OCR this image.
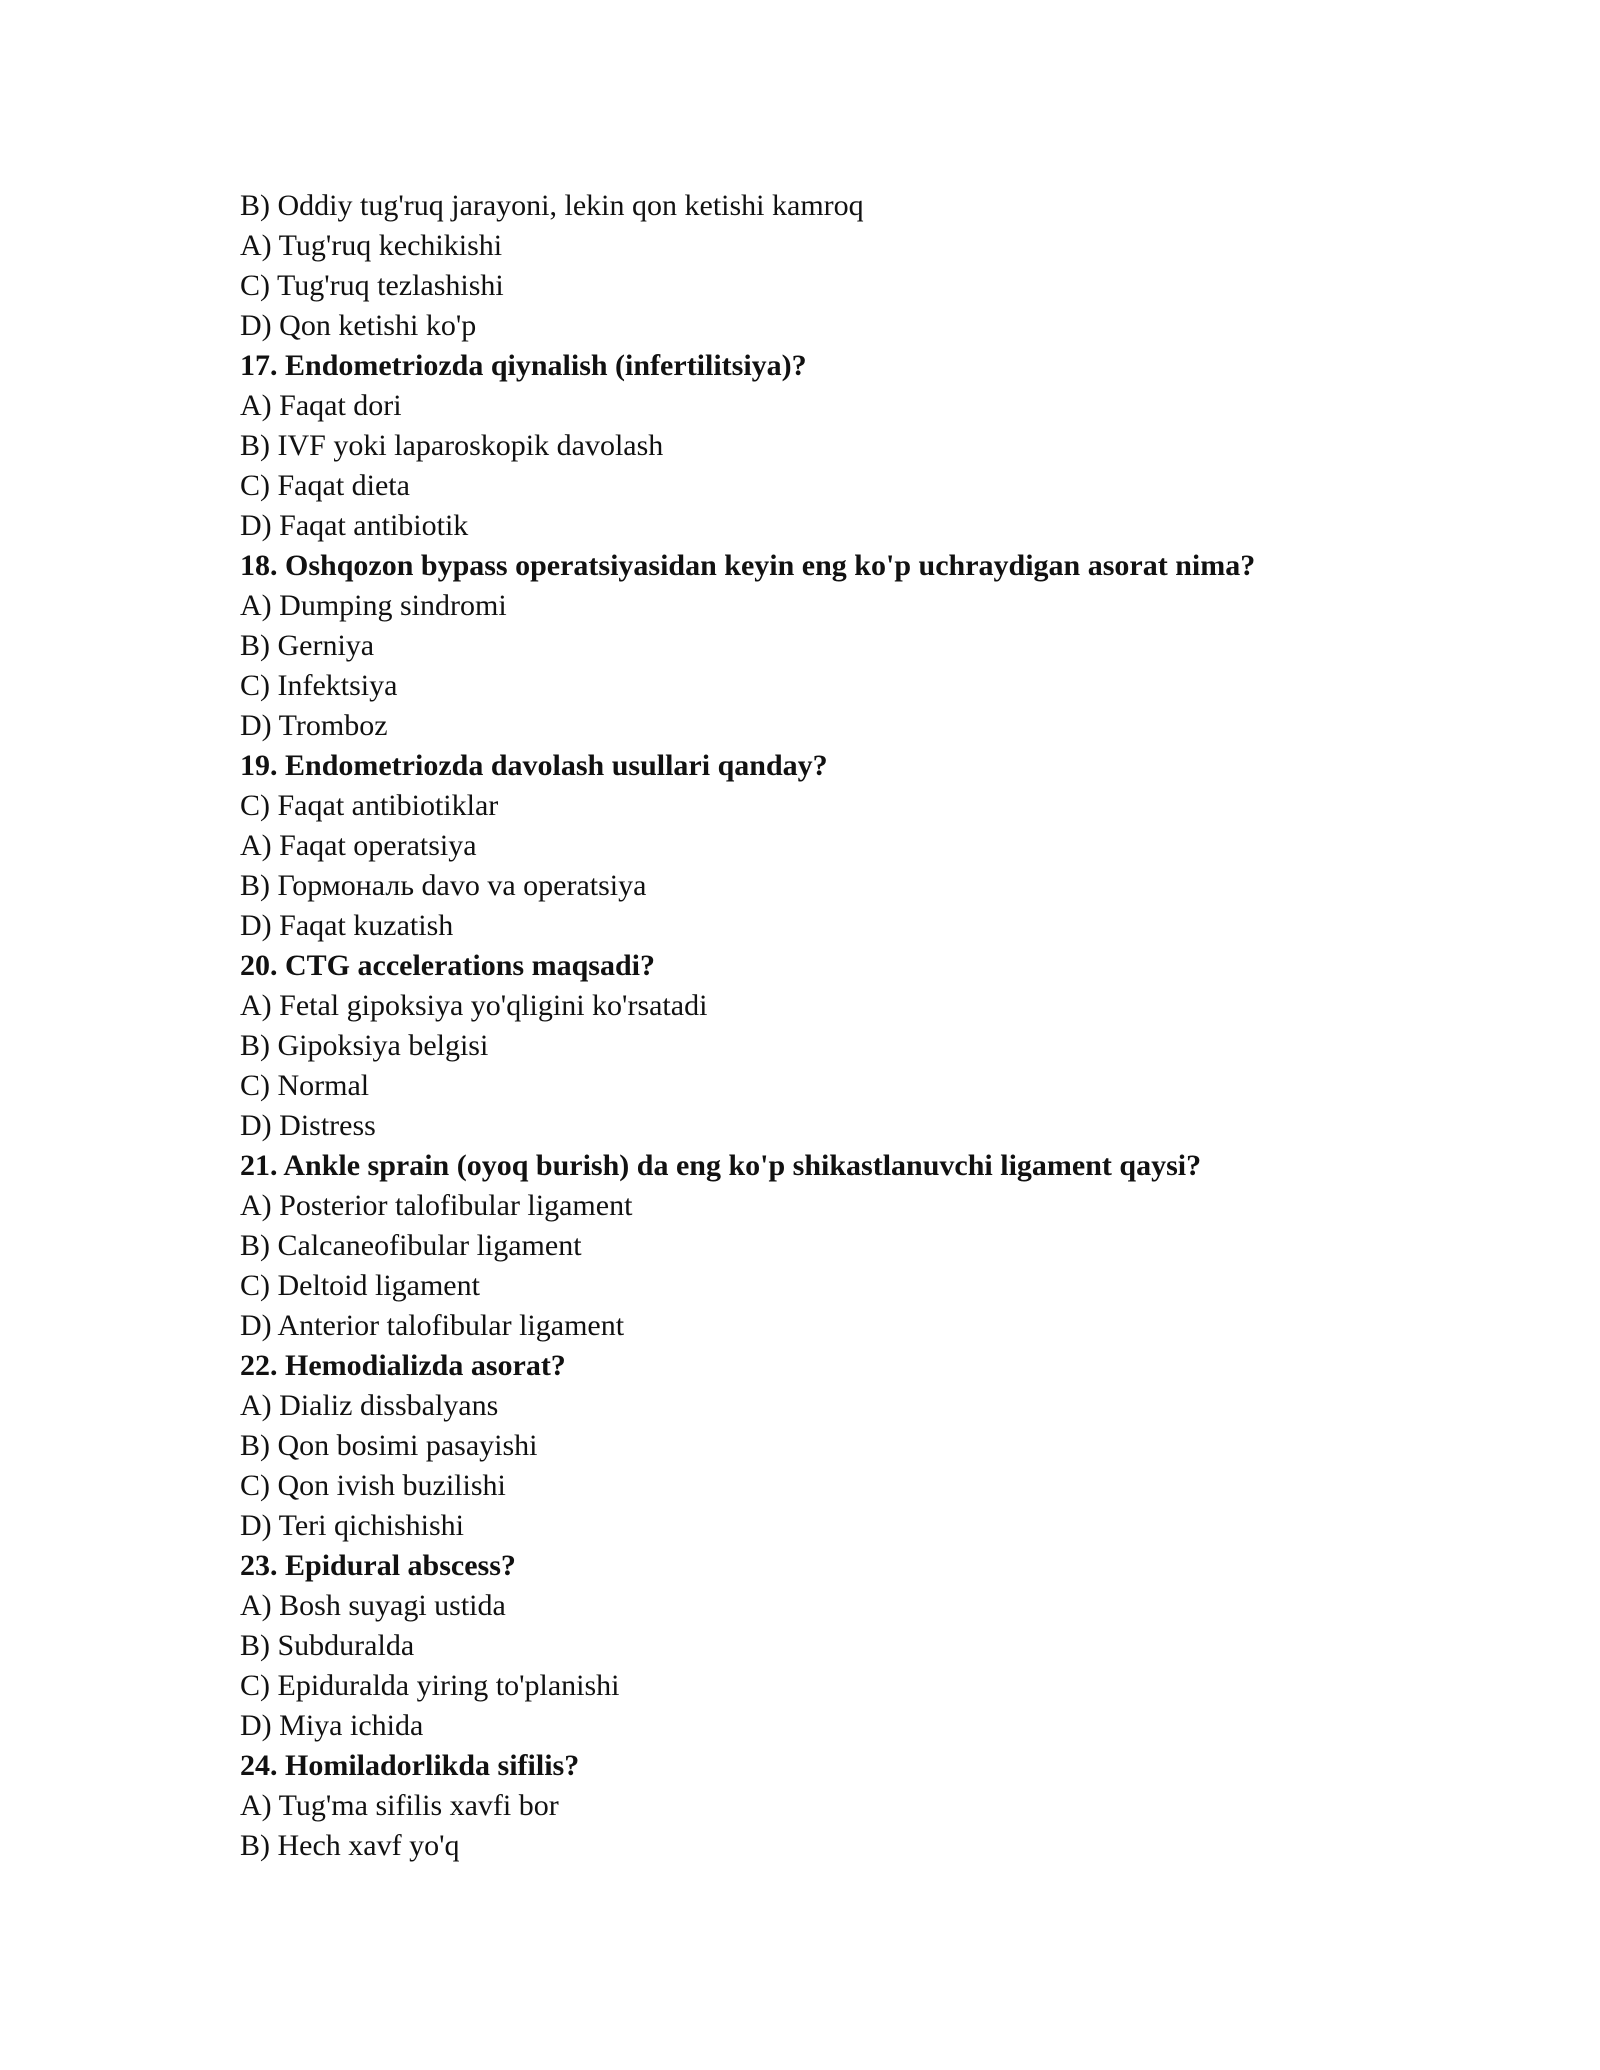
B) Oddiy tug'ruq jarayoni, lekin qon ketishi kamroq
A) Tug'ruq kechikishi
C) Tug'ruq tezlashishi
D) Qon ketishi ko'p
17. Endometriozda qiynalish (infertilitsiya)?
A) Faqat dori
B) IVF yoki laparoskopik davolash
C) Faqat dieta
D) Faqat antibiotik
18. Oshqozon bypass operatsiyasidan keyin eng ko'p uchraydigan asorat nima?
A) Dumping sindromi
B) Gerniya
C) Infektsiya
D) Tromboz
19. Endometriozda davolash usullari qanday?
C) Faqat antibiotiklar
A) Faqat operatsiya
B) Гормональ davo va operatsiya
D) Faqat kuzatish
20. CTG accelerations maqsadi?
A) Fetal gipoksiya yo'qligini ko'rsatadi
B) Gipoksiya belgisi
C) Normal
D) Distress
21. Ankle sprain (oyoq burish) da eng ko'p shikastlanuvchi ligament qaysi?
A) Posterior talofibular ligament
B) Calcaneofibular ligament
C) Deltoid ligament
D) Anterior talofibular ligament
22. Hemodializda asorat?
A) Dializ dissbalyans
B) Qon bosimi pasayishi
C) Qon ivish buzilishi
D) Teri qichishishi
23. Epidural abscess?
A) Bosh suyagi ustida
B) Subduralda
C) Epiduralda yiring to'planishi
D) Miya ichida
24. Homiladorlikda sifilis?
A) Tug'ma sifilis xavfi bor
B) Hech xavf yo'q
